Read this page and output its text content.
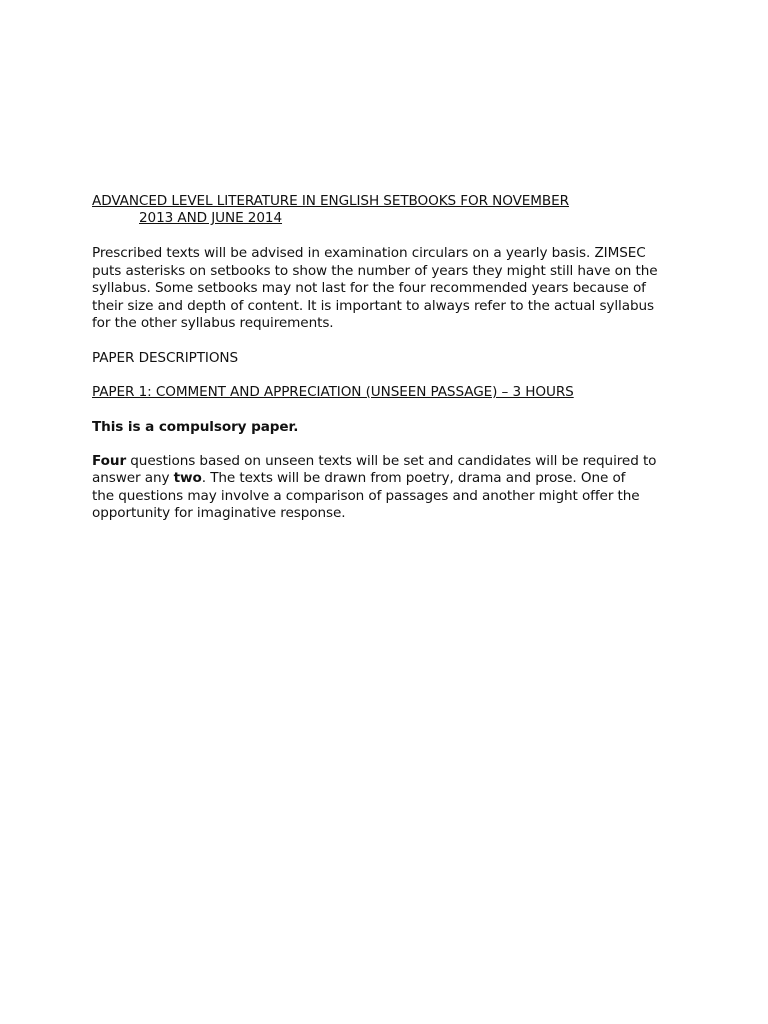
ADVANCED LEVEL LITERATURE IN ENGLISH SETBOOKS FOR NOVEMBER
2013 AND JUNE 2014
Prescribed texts will be advised in examination circulars on a yearly basis. ZIMSEC
puts asterisks on setbooks to show the number of years they might still have on the
syllabus. Some setbooks may not last for the four recommended years because of
their size and depth of content. It is important to always refer to the actual syllabus
for the other syllabus requirements.

PAPER DESCRIPTIONS

PAPER 1: COMMENT AND APPRECIATION (UNSEEN PASSAGE) – 3 HOURS

This is a compulsory paper.

Four questions based on unseen texts will be set and candidates will be required to
answer any two. The texts will be drawn from poetry, drama and prose. One of
the questions may involve a comparison of passages and another might offer the
opportunity for imaginative response.
